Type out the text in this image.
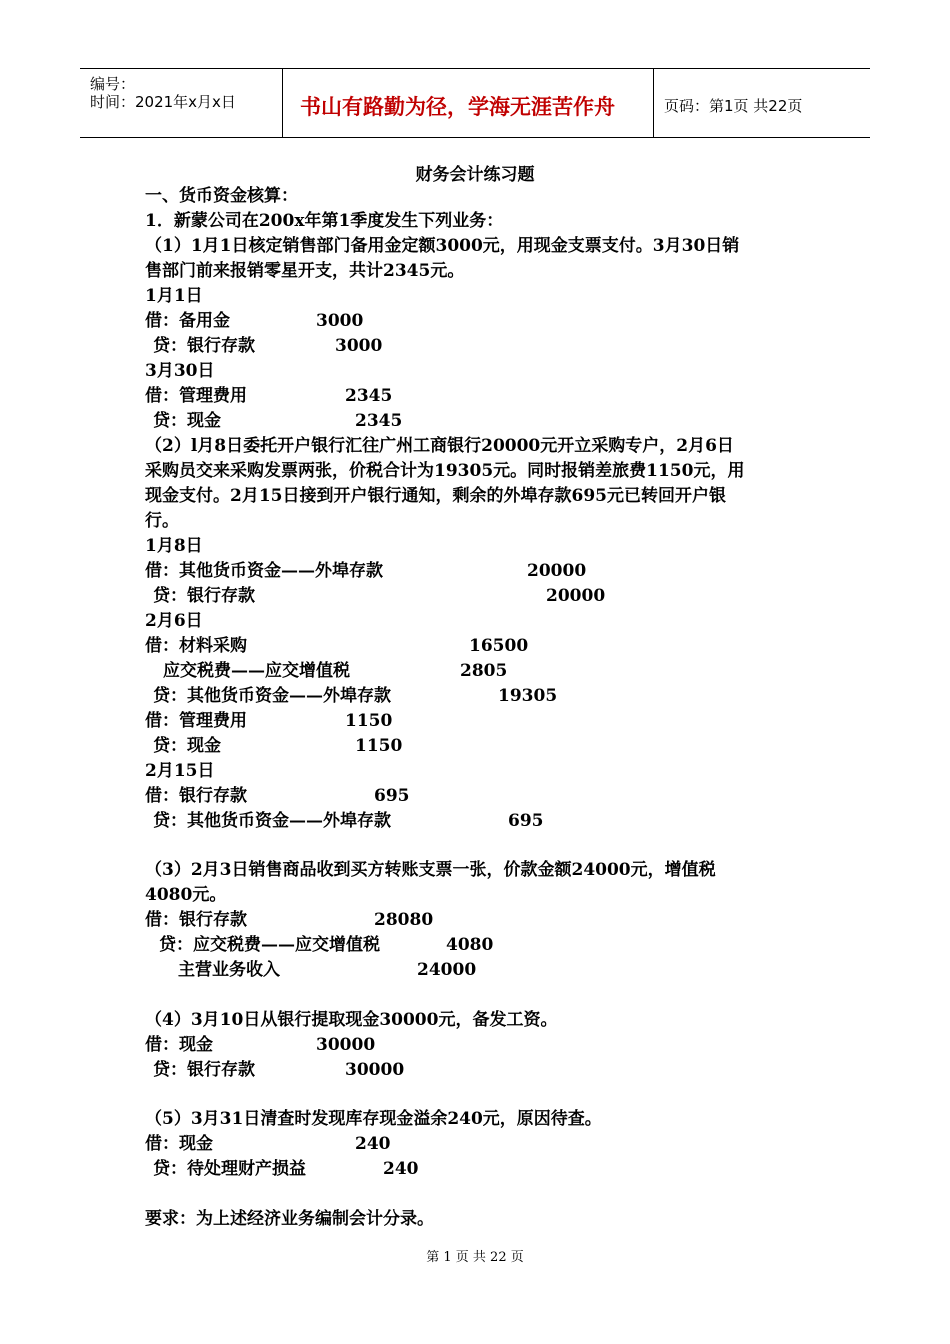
编号：
时间：2021年x月x日	书山有路勤为径，学海无涯苦作舟	页码：第1页 共22页
财务会计练习题
一、货币资金核算：
1．新蒙公司在200x年第1季度发生下列业务：
（1）1月1日核定销售部门备用金定额3000元，用现金支票支付。3月30日销
售部门前来报销零星开支，共计2345元。
1月1日
借：备用金
贷：银行存款
3月30日
借：管理费用
贷：现金
（2）l月8日委托开户银行汇往广州工商银行20000元开立采购专户，2月6日
采购员交来采购发票两张，价税合计为19305元。同时报销差旅费1150元，用
现金支付。2月15日接到开户银行通知，剩余的外埠存款695元已转回开户银
行。
1月8日
借：其他货币资金——外埠存款
贷：银行存款
2月6日
借：材料采购
应交税费——应交增值税
贷：其他货币资金——外埠存款
借：管理费用
贷：现金
2月15日
借：银行存款
贷：其他货币资金——外埠存款
（3）2月3日销售商品收到买方转账支票一张，价款金额24000元，增值税
4080元。
借：银行存款
贷：应交税费——应交增值税
主营业务收入
（4）3月10日从银行提取现金30000元，备发工资。
借：现金
贷：银行存款
（5）3月31日清查时发现库存现金溢余240元，原因待查。
借：现金
贷：待处理财产损益
要求：为上述经济业务编制会计分录。
3000
3000
2345
2345
20000
20000
16500
2805
19305
1150
1150
695
695
28080
4080
24000
30000
30000
240
240
第 1 页 共 22 页
